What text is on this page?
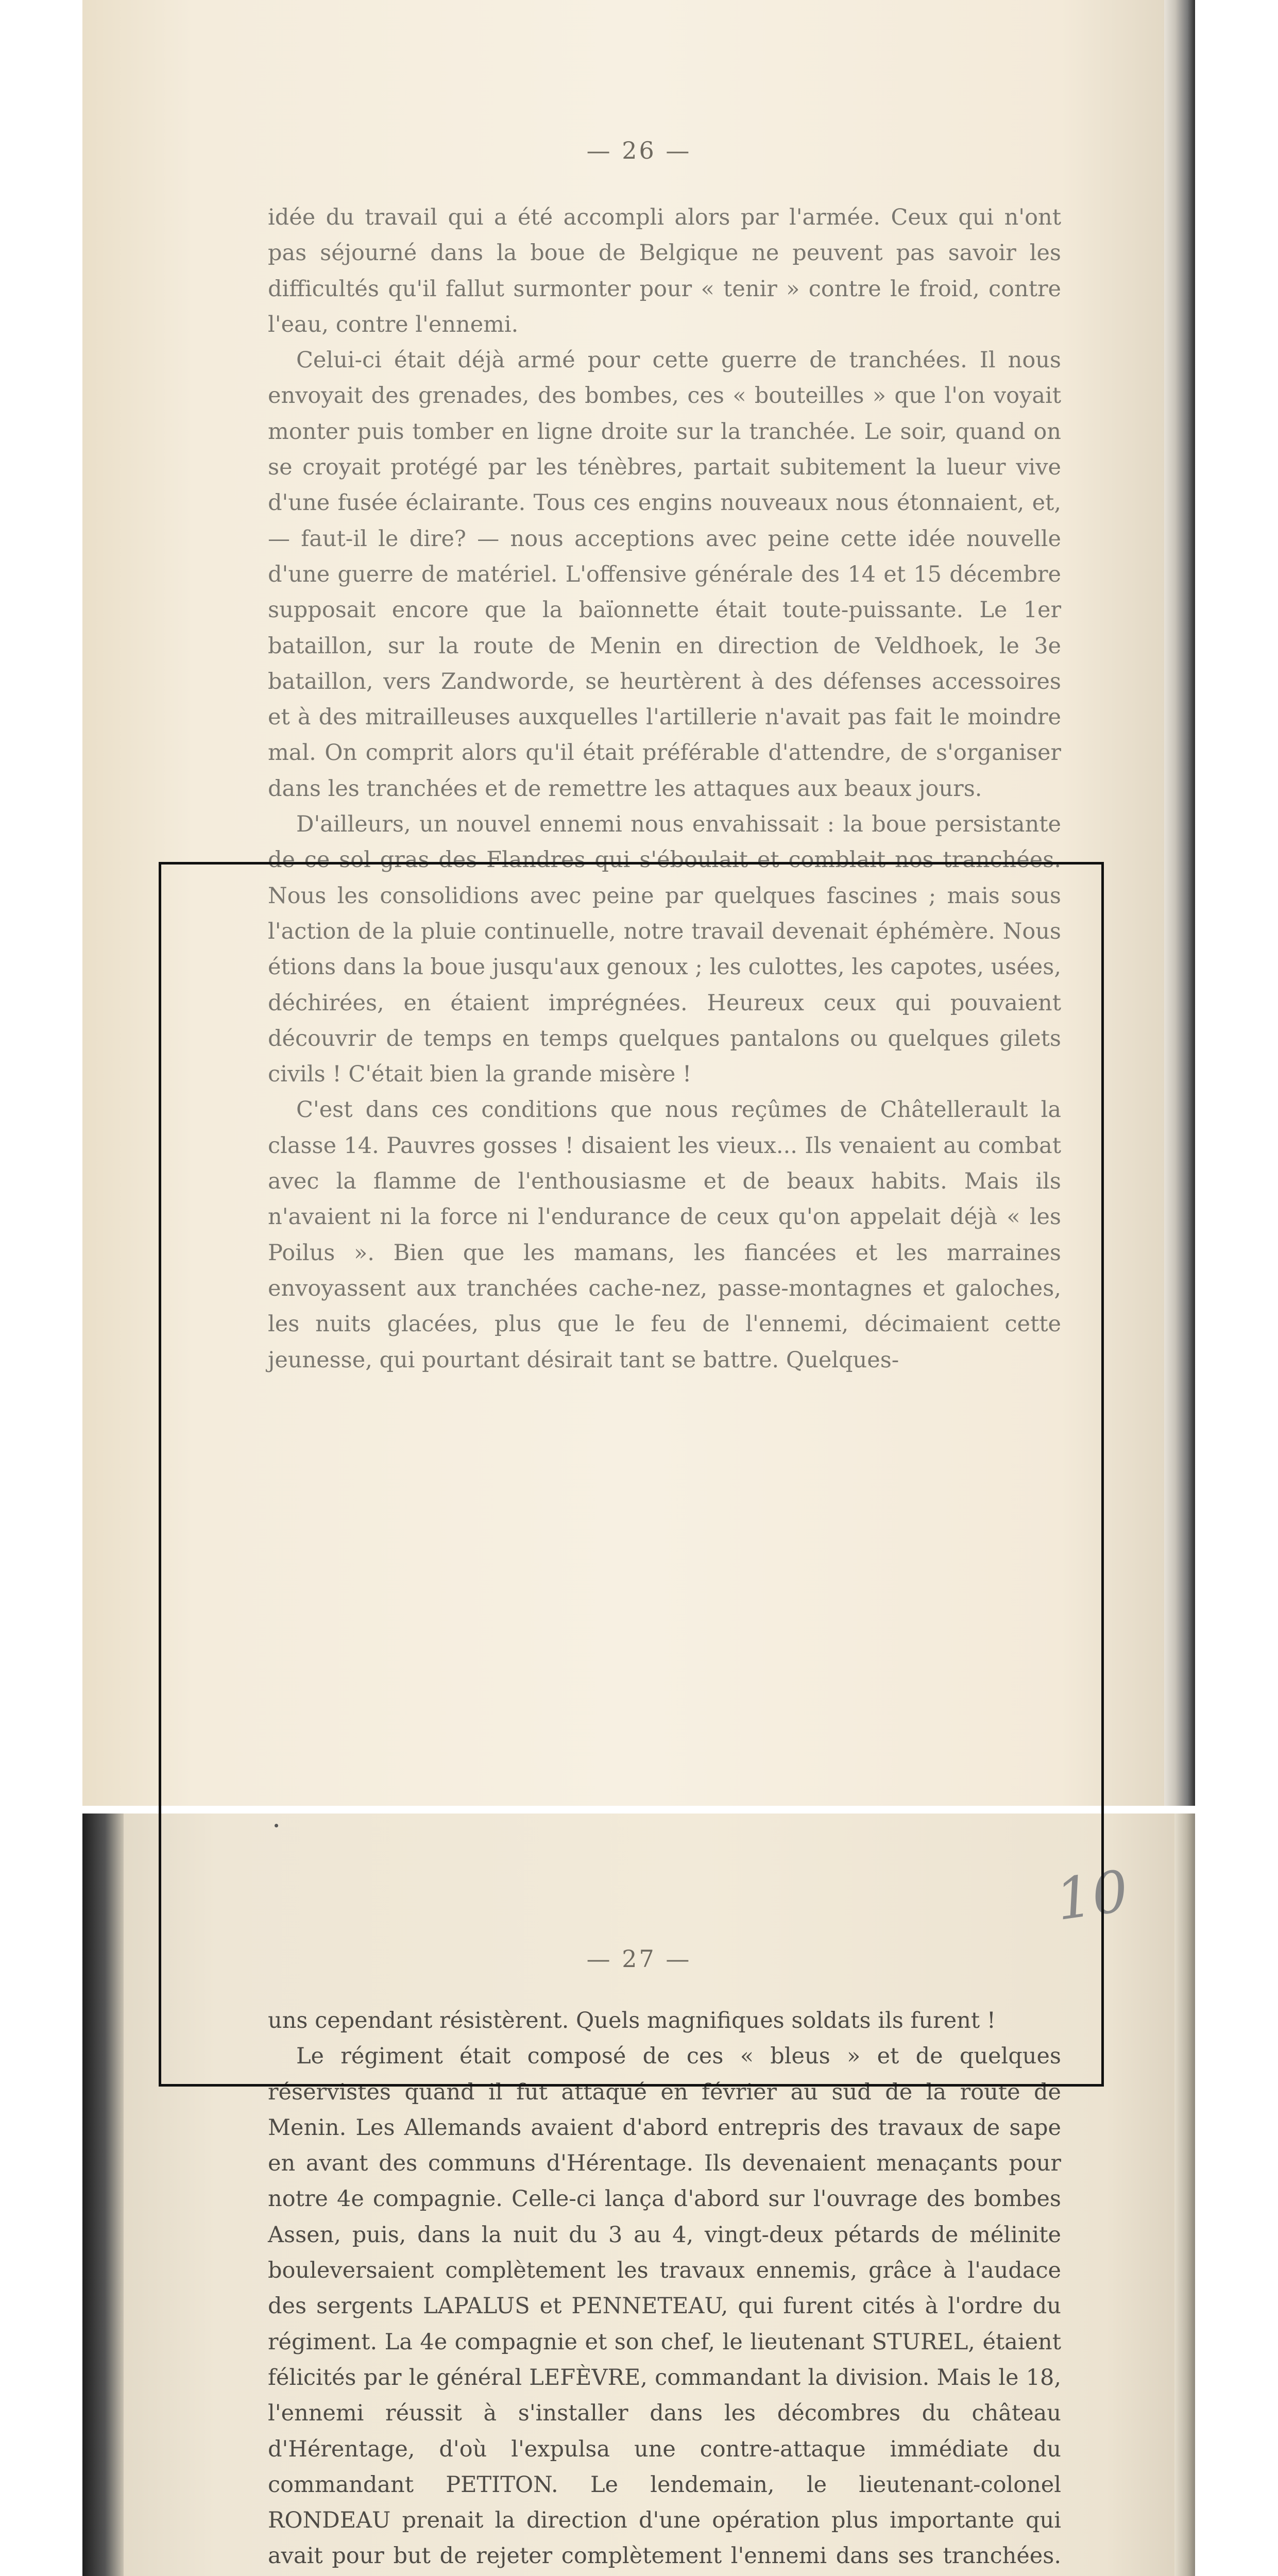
— 26 —

idée du travail qui a été accompli alors par l'armée. Ceux qui n'ont pas séjourné dans la boue de Belgique ne peuvent pas savoir les difficultés qu'il fallut surmonter pour « tenir » contre le froid, contre l'eau, contre l'ennemi.

Celui-ci était déjà armé pour cette guerre de tranchées. Il nous envoyait des grenades, des bombes, ces « bouteilles » que l'on voyait monter puis tomber en ligne droite sur la tranchée. Le soir, quand on se croyait protégé par les ténèbres, partait subitement la lueur vive d'une fusée éclairante. Tous ces engins nouveaux nous étonnaient, et, — faut-il le dire? — nous acceptions avec peine cette idée nouvelle d'une guerre de matériel. L'offensive générale des 14 et 15 décembre supposait encore que la baïonnette était toute-puissante. Le 1er bataillon, sur la route de Menin en direction de Veldhoek, le 3e bataillon, vers Zandworde, se heurtèrent à des défenses accessoires et à des mitrailleuses auxquelles l'artillerie n'avait pas fait le moindre mal. On comprit alors qu'il était préférable d'attendre, de s'organiser dans les tranchées et de remettre les attaques aux beaux jours.

D'ailleurs, un nouvel ennemi nous envahissait : la boue persistante de ce sol gras des Flandres qui s'éboulait et comblait nos tranchées. Nous les consolidions avec peine par quelques fascines ; mais sous l'action de la pluie continuelle, notre travail devenait éphémère. Nous étions dans la boue jusqu'aux genoux ; les culottes, les capotes, usées, déchirées, en étaient imprégnées. Heureux ceux qui pouvaient découvrir de temps en temps quelques pantalons ou quelques gilets civils ! C'était bien la grande misère !

C'est dans ces conditions que nous reçûmes de Châtellerault la classe 14. Pauvres gosses ! disaient les vieux... Ils venaient au combat avec la flamme de l'enthousiasme et de beaux habits. Mais ils n'avaient ni la force ni l'endurance de ceux qu'on appelait déjà « les Poilus ». Bien que les mamans, les fiancées et les marraines envoyassent aux tranchées cache-nez, passe-montagnes et galoches, les nuits glacées, plus que le feu de l'ennemi, décimaient cette jeunesse, qui pourtant désirait tant se battre. Quelques-

10
— 27 —

uns cependant résistèrent. Quels magnifiques soldats ils furent !

Le régiment était composé de ces « bleus » et de quelques réservistes quand il fut attaqué en février au sud de la route de Menin. Les Allemands avaient d'abord entrepris des travaux de sape en avant des communs d'Hérentage. Ils devenaient menaçants pour notre 4e compagnie. Celle-ci lança d'abord sur l'ouvrage des bombes Assen, puis, dans la nuit du 3 au 4, vingt-deux pétards de mélinite bouleversaient complètement les travaux ennemis, grâce à l'audace des sergents LAPALUS et PENNETEAU, qui furent cités à l'ordre du régiment. La 4e compagnie et son chef, le lieutenant STUREL, étaient félicités par le général LEFÈVRE, commandant la division. Mais le 18, l'ennemi réussit à s'installer dans les décombres du château d'Hérentage, d'où l'expulsa une contre-attaque immédiate du commandant PETITON. Le lendemain, le lieutenant-colonel RONDEAU prenait la direction d'une opération plus importante qui avait pour but de rejeter complètement l'ennemi dans ses tranchées.
